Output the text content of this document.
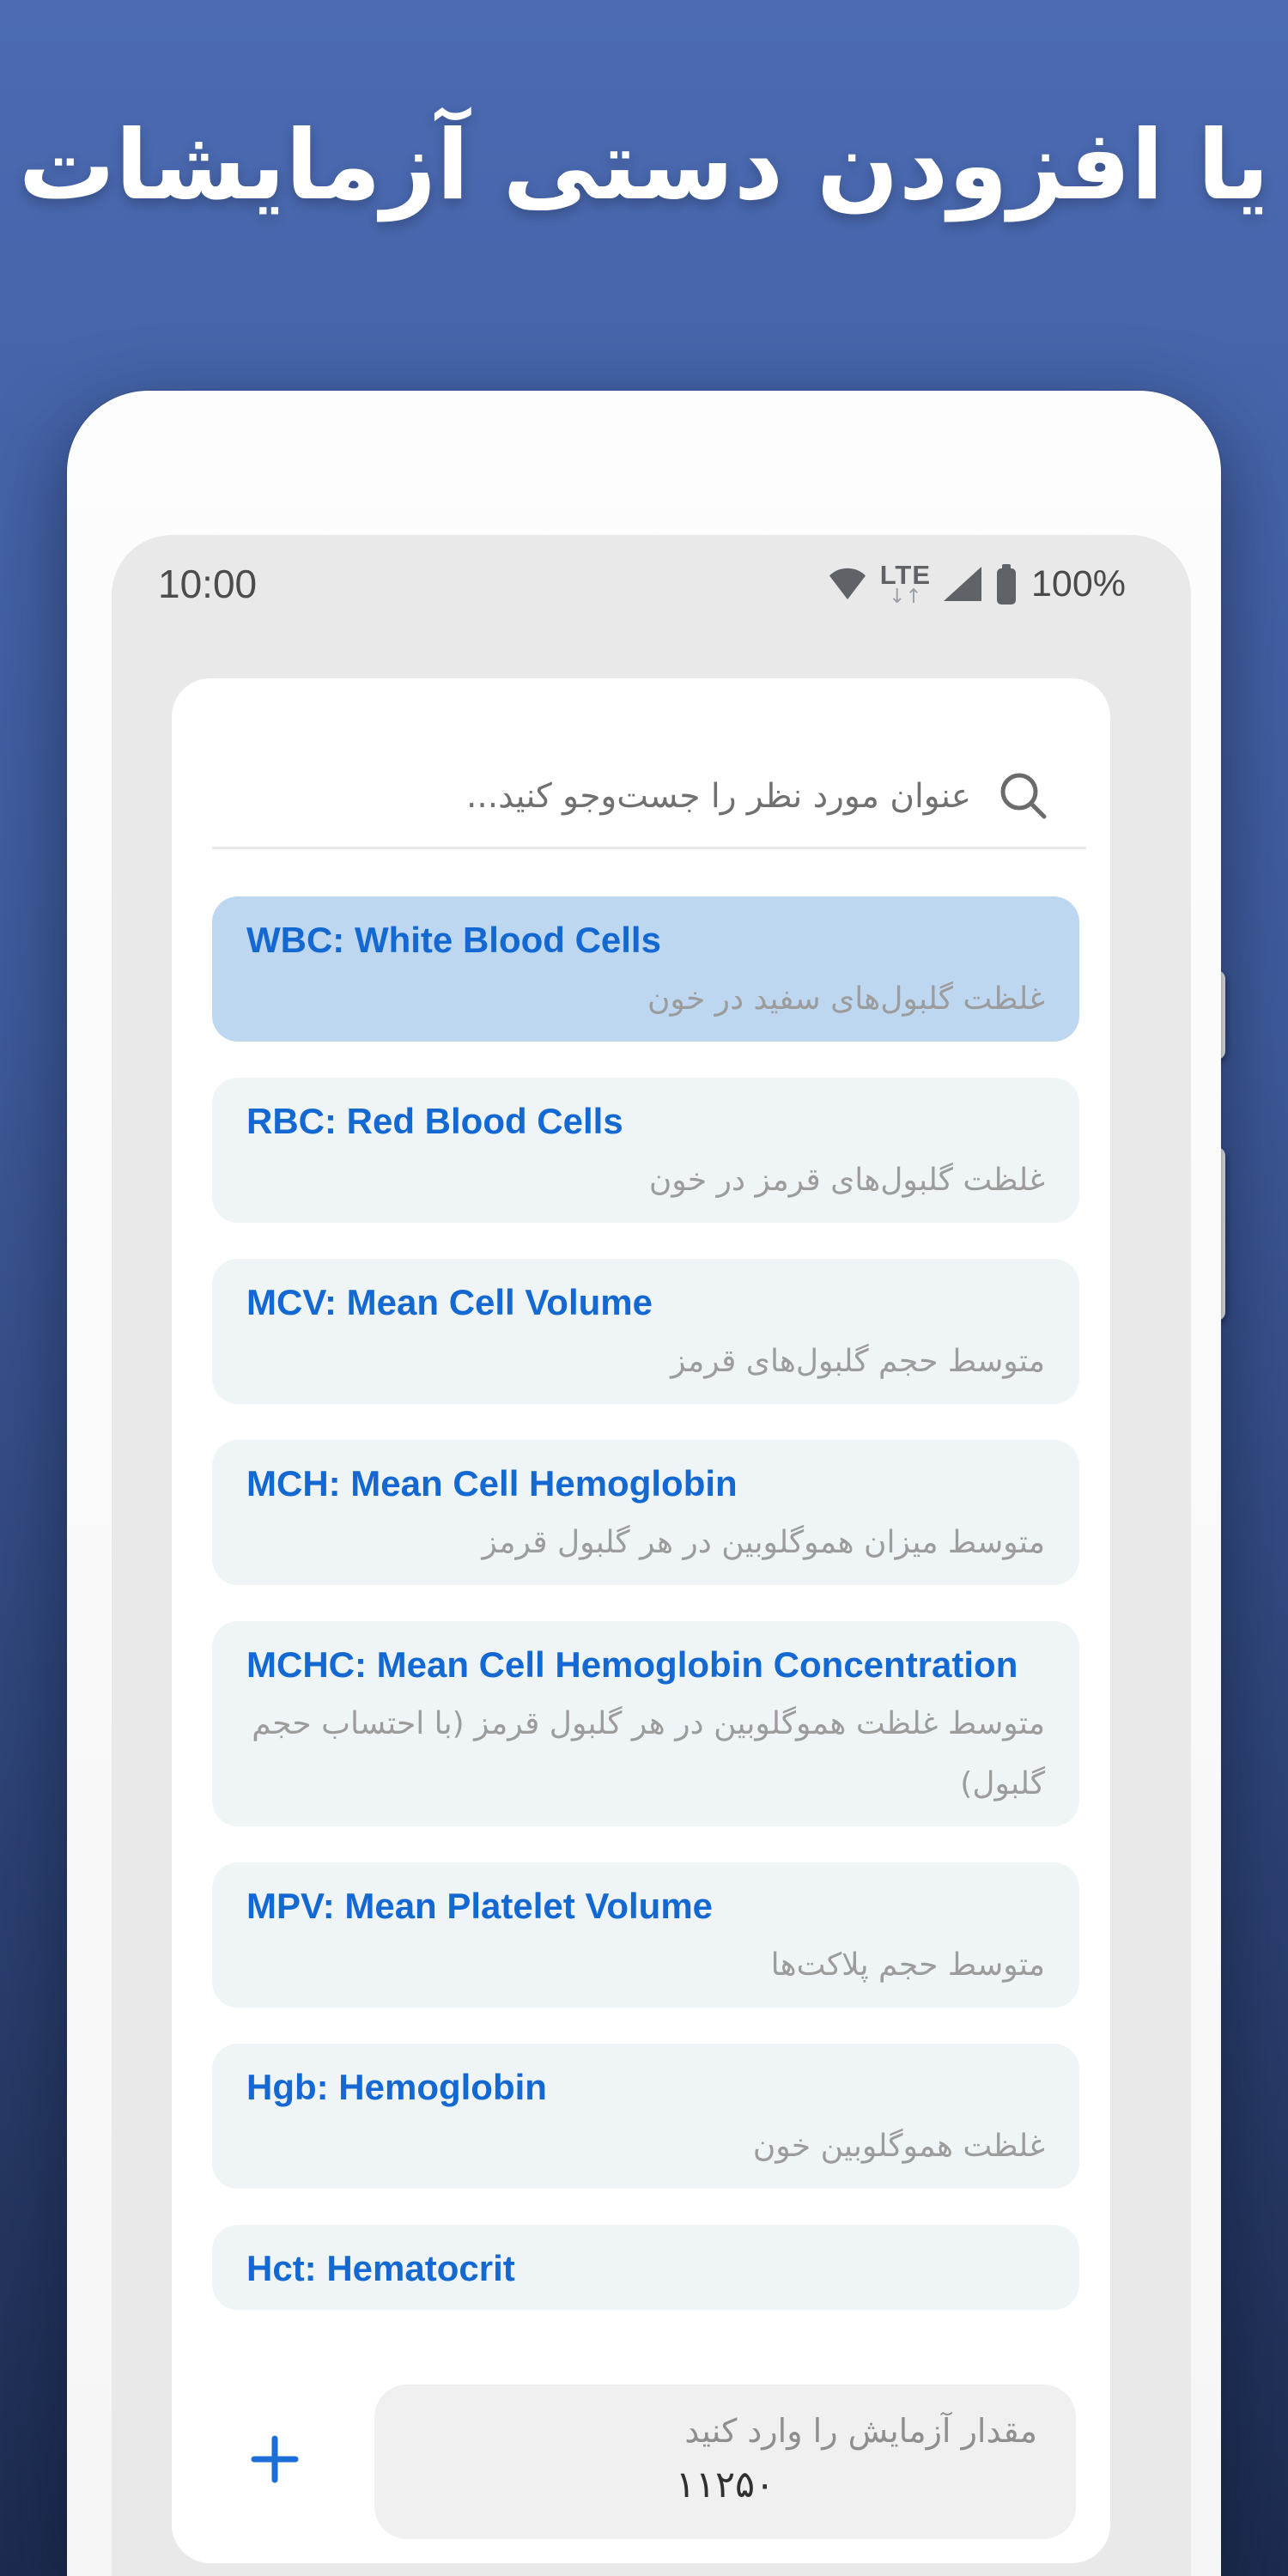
یا افزودن دستی آزمایشات
10:00	LTE
↓↑	100%
عنوان مورد نظر را جست‌وجو کنید...
WBC: White Blood Cells
غلظت گلبول‌های سفید در خون
RBC: Red Blood Cells
غلظت گلبول‌های قرمز در خون
MCV: Mean Cell Volume
متوسط حجم گلبول‌های قرمز
MCH: Mean Cell Hemoglobin
متوسط میزان هموگلوبین در هر گلبول قرمز
MCHC: Mean Cell Hemoglobin Concentration
متوسط غلظت هموگلوبین در هر گلبول قرمز (با احتساب حجم گلبول)
MPV: Mean Platelet Volume
متوسط حجم پلاکت‌ها
Hgb: Hemoglobin
غلظت هموگلوبین خون
Hct: Hematocrit
مقدار آزمایش را وارد کنید
۱۱۲۵۰
